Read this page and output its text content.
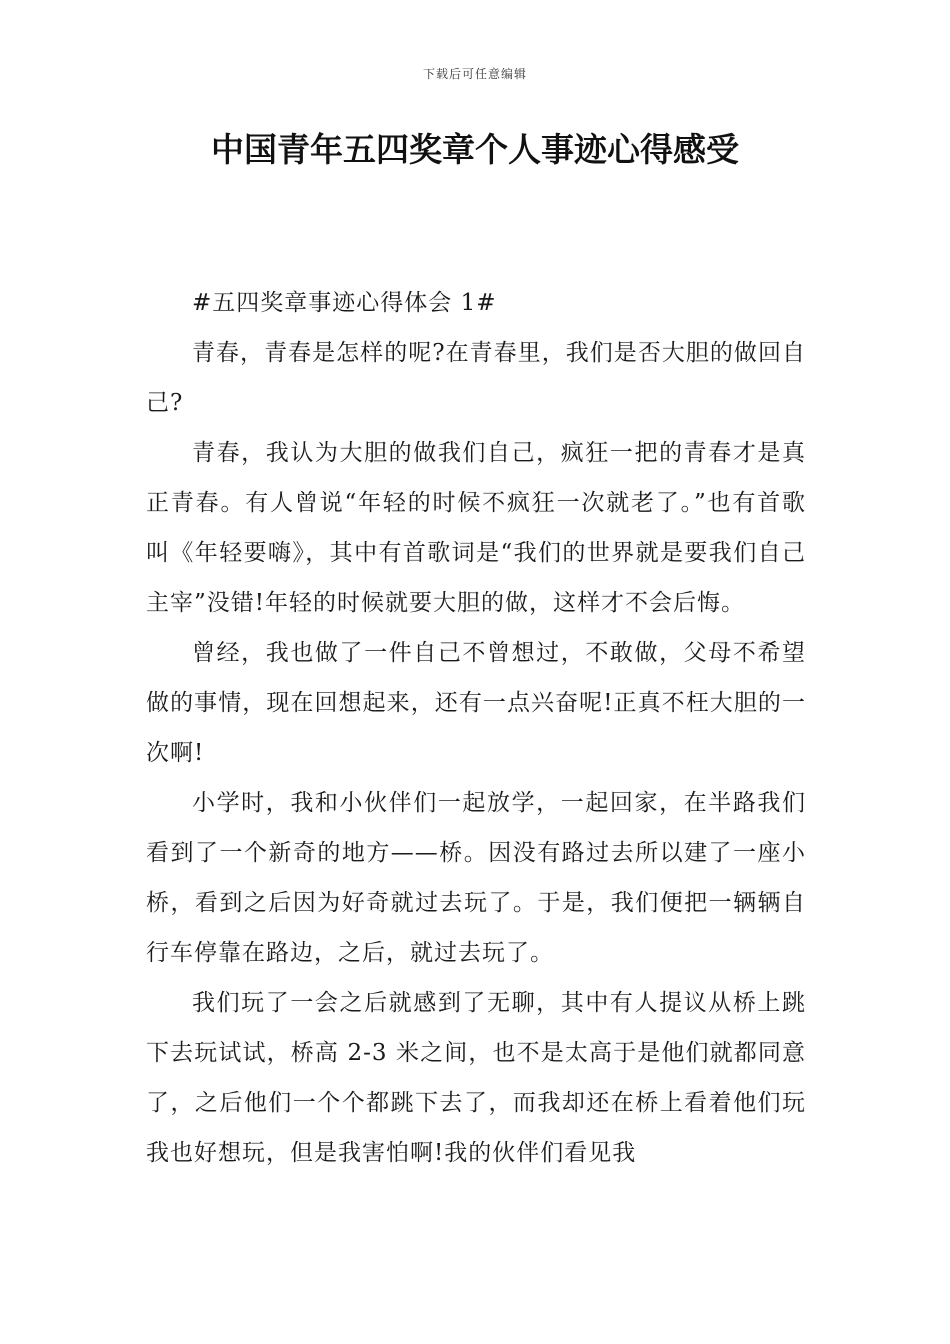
下载后可任意编辑
中国青年五四奖章个人事迹心得感受

#五四奖章事迹心得体会 1#

青春，青春是怎样的呢?在青春里，我们是否大胆的做回自己?

青春，我认为大胆的做我们自己，疯狂一把的青春才是真正青春。有人曾说“年轻的时候不疯狂一次就老了。”也有首歌叫《年轻要嗨》，其中有首歌词是“我们的世界就是要我们自己主宰”没错!年轻的时候就要大胆的做，这样才不会后悔。

曾经，我也做了一件自己不曾想过，不敢做，父母不希望做的事情，现在回想起来，还有一点兴奋呢!正真不枉大胆的一次啊!

小学时，我和小伙伴们一起放学，一起回家，在半路我们看到了一个新奇的地方——桥。因没有路过去所以建了一座小桥，看到之后因为好奇就过去玩了。于是，我们便把一辆辆自行车停靠在路边，之后，就过去玩了。

我们玩了一会之后就感到了无聊，其中有人提议从桥上跳下去玩试试，桥高 2-3 米之间，也不是太高于是他们就都同意了，之后他们一个个都跳下去了，而我却还在桥上看着他们玩我也好想玩，但是我害怕啊!我的伙伴们看见我
